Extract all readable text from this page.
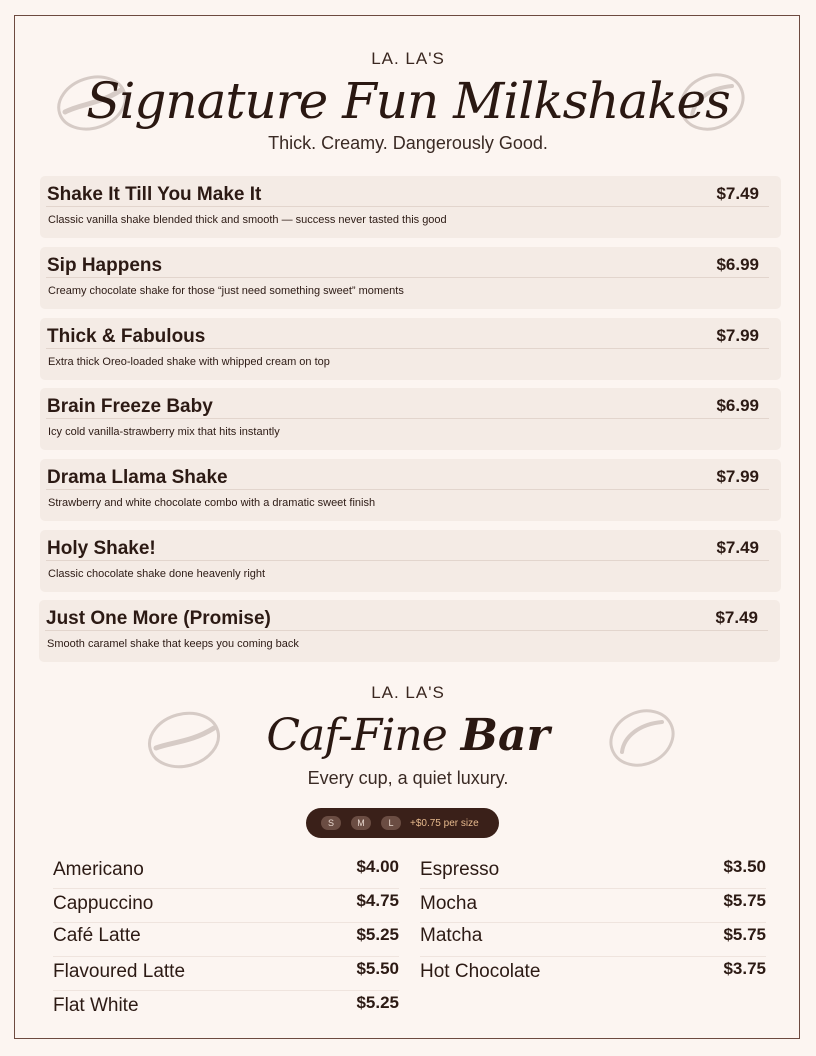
LA. LA'S
Signature Fun Milkshakes
Thick. Creamy. Dangerously Good.
Shake It Till You Make It	$7.49
Classic vanilla shake blended thick and smooth — success never tasted this good
Sip Happens	$6.99
Creamy chocolate shake for those “just need something sweet” moments
Thick & Fabulous	$7.99
Extra thick Oreo-loaded shake with whipped cream on top
Brain Freeze Baby	$6.99
Icy cold vanilla-strawberry mix that hits instantly
Drama Llama Shake	$7.99
Strawberry and white chocolate combo with a dramatic sweet finish
Holy Shake!	$7.49
Classic chocolate shake done heavenly right
Just One More (Promise)	$7.49
Smooth caramel shake that keeps you coming back
LA. LA'S
Caf-Fine Bar
Every cup, a quiet luxury.
S	M	L	+$0.75 per size
Americano	$4.00
Cappuccino	$4.75
Café Latte	$5.25
Flavoured Latte	$5.50
Flat White	$5.25
Espresso	$3.50
Mocha	$5.75
Matcha	$5.75
Hot Chocolate	$3.75
